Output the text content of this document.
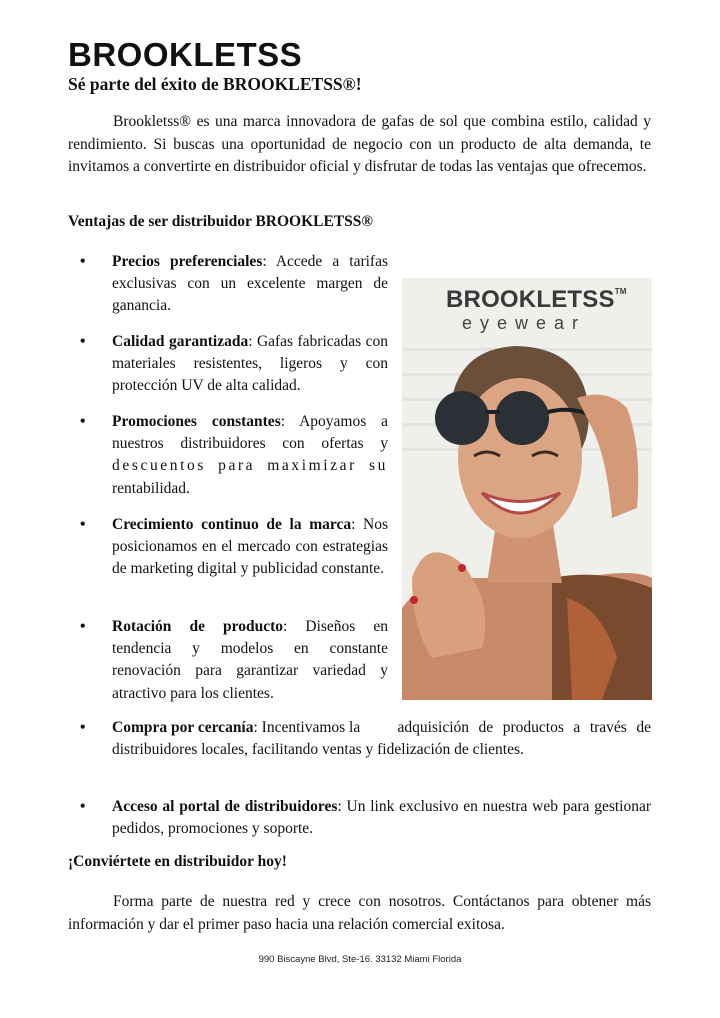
BROOKLETSS
Sé parte del éxito de BROOKLETSS®!

Brookletss® es una marca innovadora de gafas de sol que combina estilo, calidad y rendimiento. Si buscas una oportunidad de negocio con un producto de alta demanda, te invitamos a convertirte en distribuidor oficial y disfrutar de todas las ventajas que ofrecemos.

Ventajas de ser distribuidor BROOKLETSS®

• Precios preferenciales: Accede a tarifas exclusivas con un excelente margen de ganancia.
• Calidad garantizada: Gafas fabricadas con materiales resistentes, ligeros y con protección UV de alta calidad.
• Promociones constantes: Apoyamos a nuestros distribuidores con ofertas y descuentos para maximizar su rentabilidad.
• Crecimiento continuo de la marca: Nos posicionamos en el mercado con estrategias de marketing digital y publicidad constante.
• Rotación de producto: Diseños en tendencia y modelos en constante renovación para garantizar variedad y atractivo para los clientes.
• Compra por cercanía: Incentivamos la adquisición de productos a través de distribuidores locales, facilitando ventas y fidelización de clientes.
• Acceso al portal de distribuidores: Un link exclusivo en nuestra web para gestionar pedidos, promociones y soporte.
BROOKLETSS™
eyewear

¡Conviértete en distribuidor hoy!

Forma parte de nuestra red y crece con nosotros. Contáctanos para obtener más información y dar el primer paso hacia una relación comercial exitosa.

990 Biscayne Blvd, Ste-16. 33132 Miami Florida
